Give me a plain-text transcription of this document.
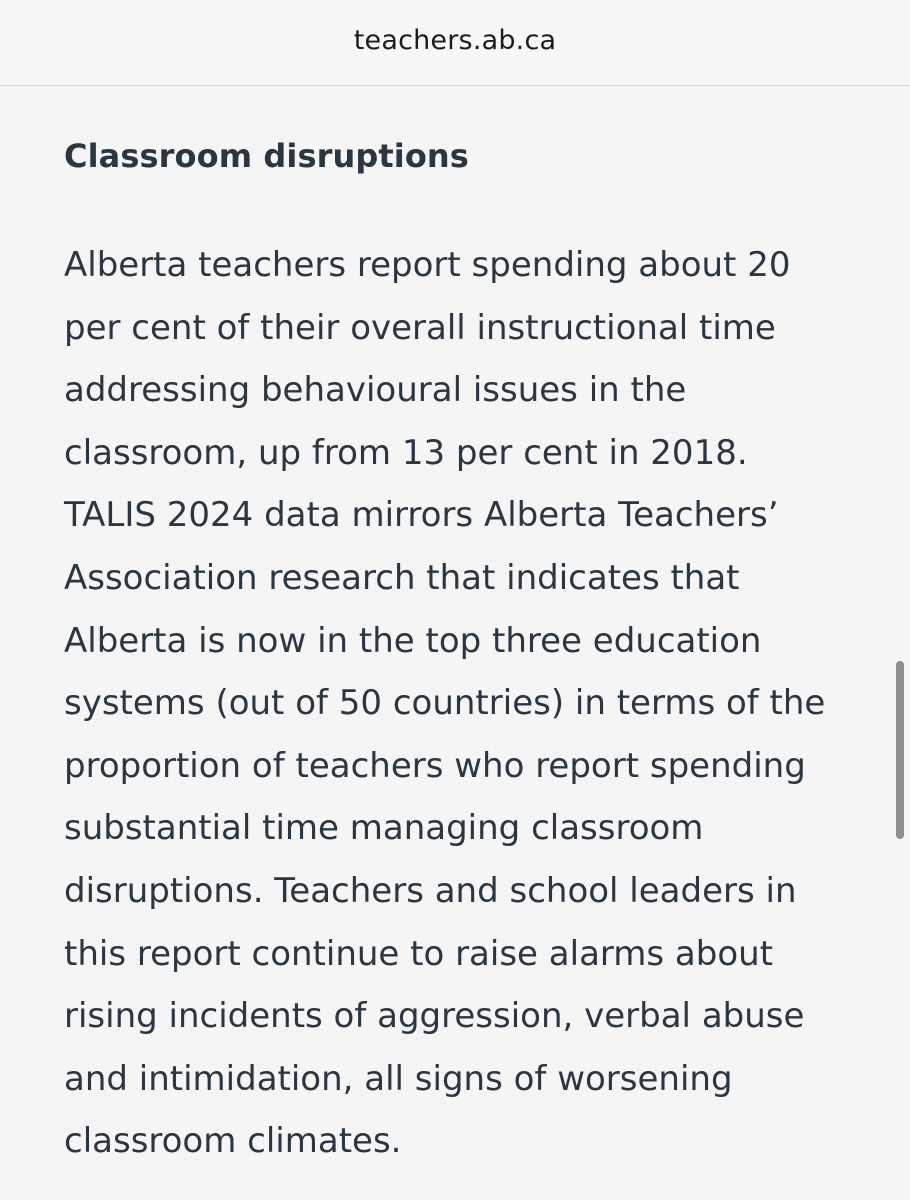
teachers.ab.ca
Classroom disruptions

Alberta teachers report spending about 20
per cent of their overall instructional time
addressing behavioural issues in the
classroom, up from 13 per cent in 2018.
TALIS 2024 data mirrors Alberta Teachers’
Association research that indicates that
Alberta is now in the top three education
systems (out of 50 countries) in terms of the
proportion of teachers who report spending
substantial time managing classroom
disruptions. Teachers and school leaders in
this report continue to raise alarms about
rising incidents of aggression, verbal abuse
and intimidation, all signs of worsening
classroom climates.
